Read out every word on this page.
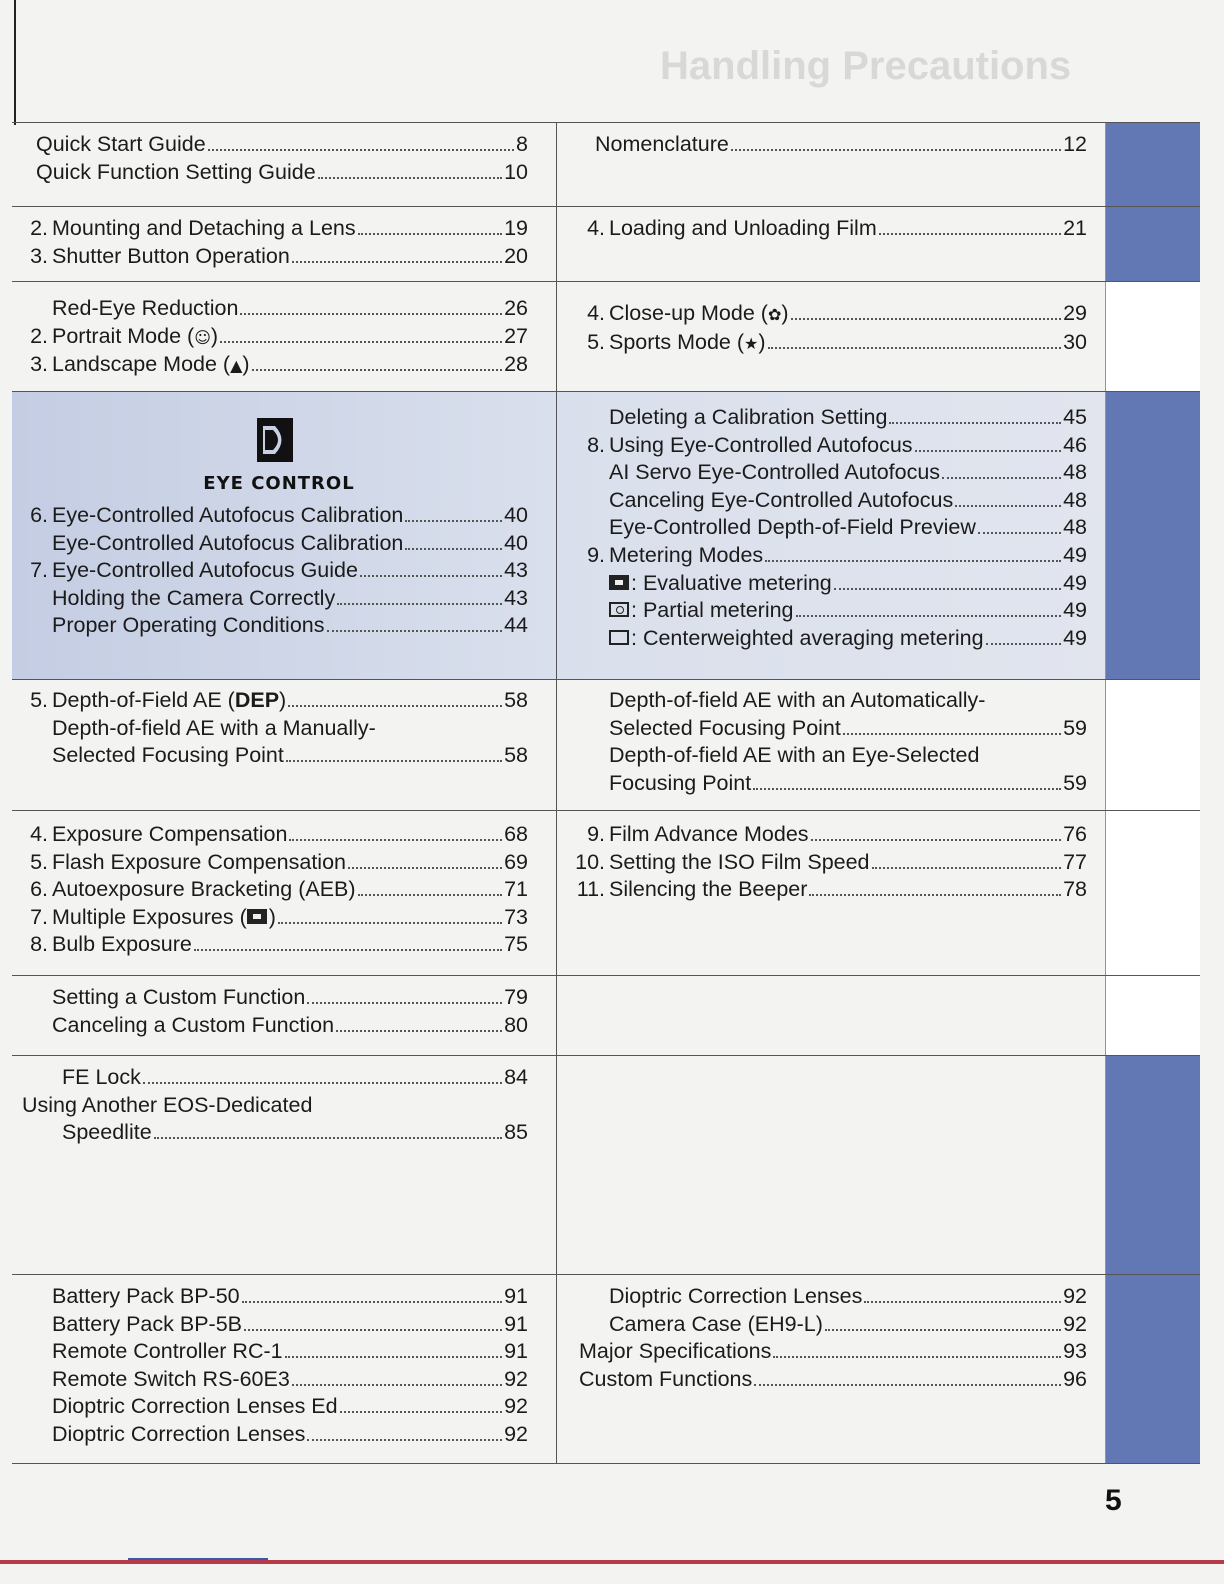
Handling Precautions
Quick Start Guide	8
Quick Function Setting Guide	10
Nomenclature	12
2. Mounting and Detaching a Lens	19
3. Shutter Button Operation	20
4. Loading and Unloading Film	21
Red-Eye Reduction	26
2. Portrait Mode ( ☺ )	27
3. Landscape Mode ( ▲ )	28
4. Close-up Mode ( ✿ )	29
5. Sports Mode ( ★ )	30
EYE CONTROL
6. Eye-Controlled Autofocus Calibration	40
Eye-Controlled Autofocus Calibration	40
7. Eye-Controlled Autofocus Guide	43
Holding the Camera Correctly	43
Proper Operating Conditions	44
Deleting a Calibration Setting	45
8. Using Eye-Controlled Autofocus	46
AI Servo Eye-Controlled Autofocus	48
Canceling Eye-Controlled Autofocus	48
Eye-Controlled Depth-of-Field Preview	48
9. Metering Modes	49
: Evaluative metering	49
: Partial metering	49
: Centerweighted averaging metering	49
5. Depth-of-Field AE ( DEP )	58
Depth-of-field AE with a Manually-
Selected Focusing Point	58
Depth-of-field AE with an Automatically-
Selected Focusing Point	59
Depth-of-field AE with an Eye-Selected
Focusing Point	59
4. Exposure Compensation	68
5. Flash Exposure Compensation	69
6. Autoexposure Bracketing (AEB)	71
7. Multiple Exposures ( )	73
8. Bulb Exposure	75
9. Film Advance Modes	76
10. Setting the ISO Film Speed	77
11. Silencing the Beeper	78
Setting a Custom Function	79
Canceling a Custom Function	80
FE Lock	84
Using Another EOS-Dedicated
Speedlite	85
Battery Pack BP-50	91
Battery Pack BP-5B	91
Remote Controller RC-1	91
Remote Switch RS-60E3	92
Dioptric Correction Lenses Ed	92
Dioptric Correction Lenses	92
Dioptric Correction Lenses	92
Camera Case (EH9-L)	92
Major Specifications	93
Custom Functions	96
5
